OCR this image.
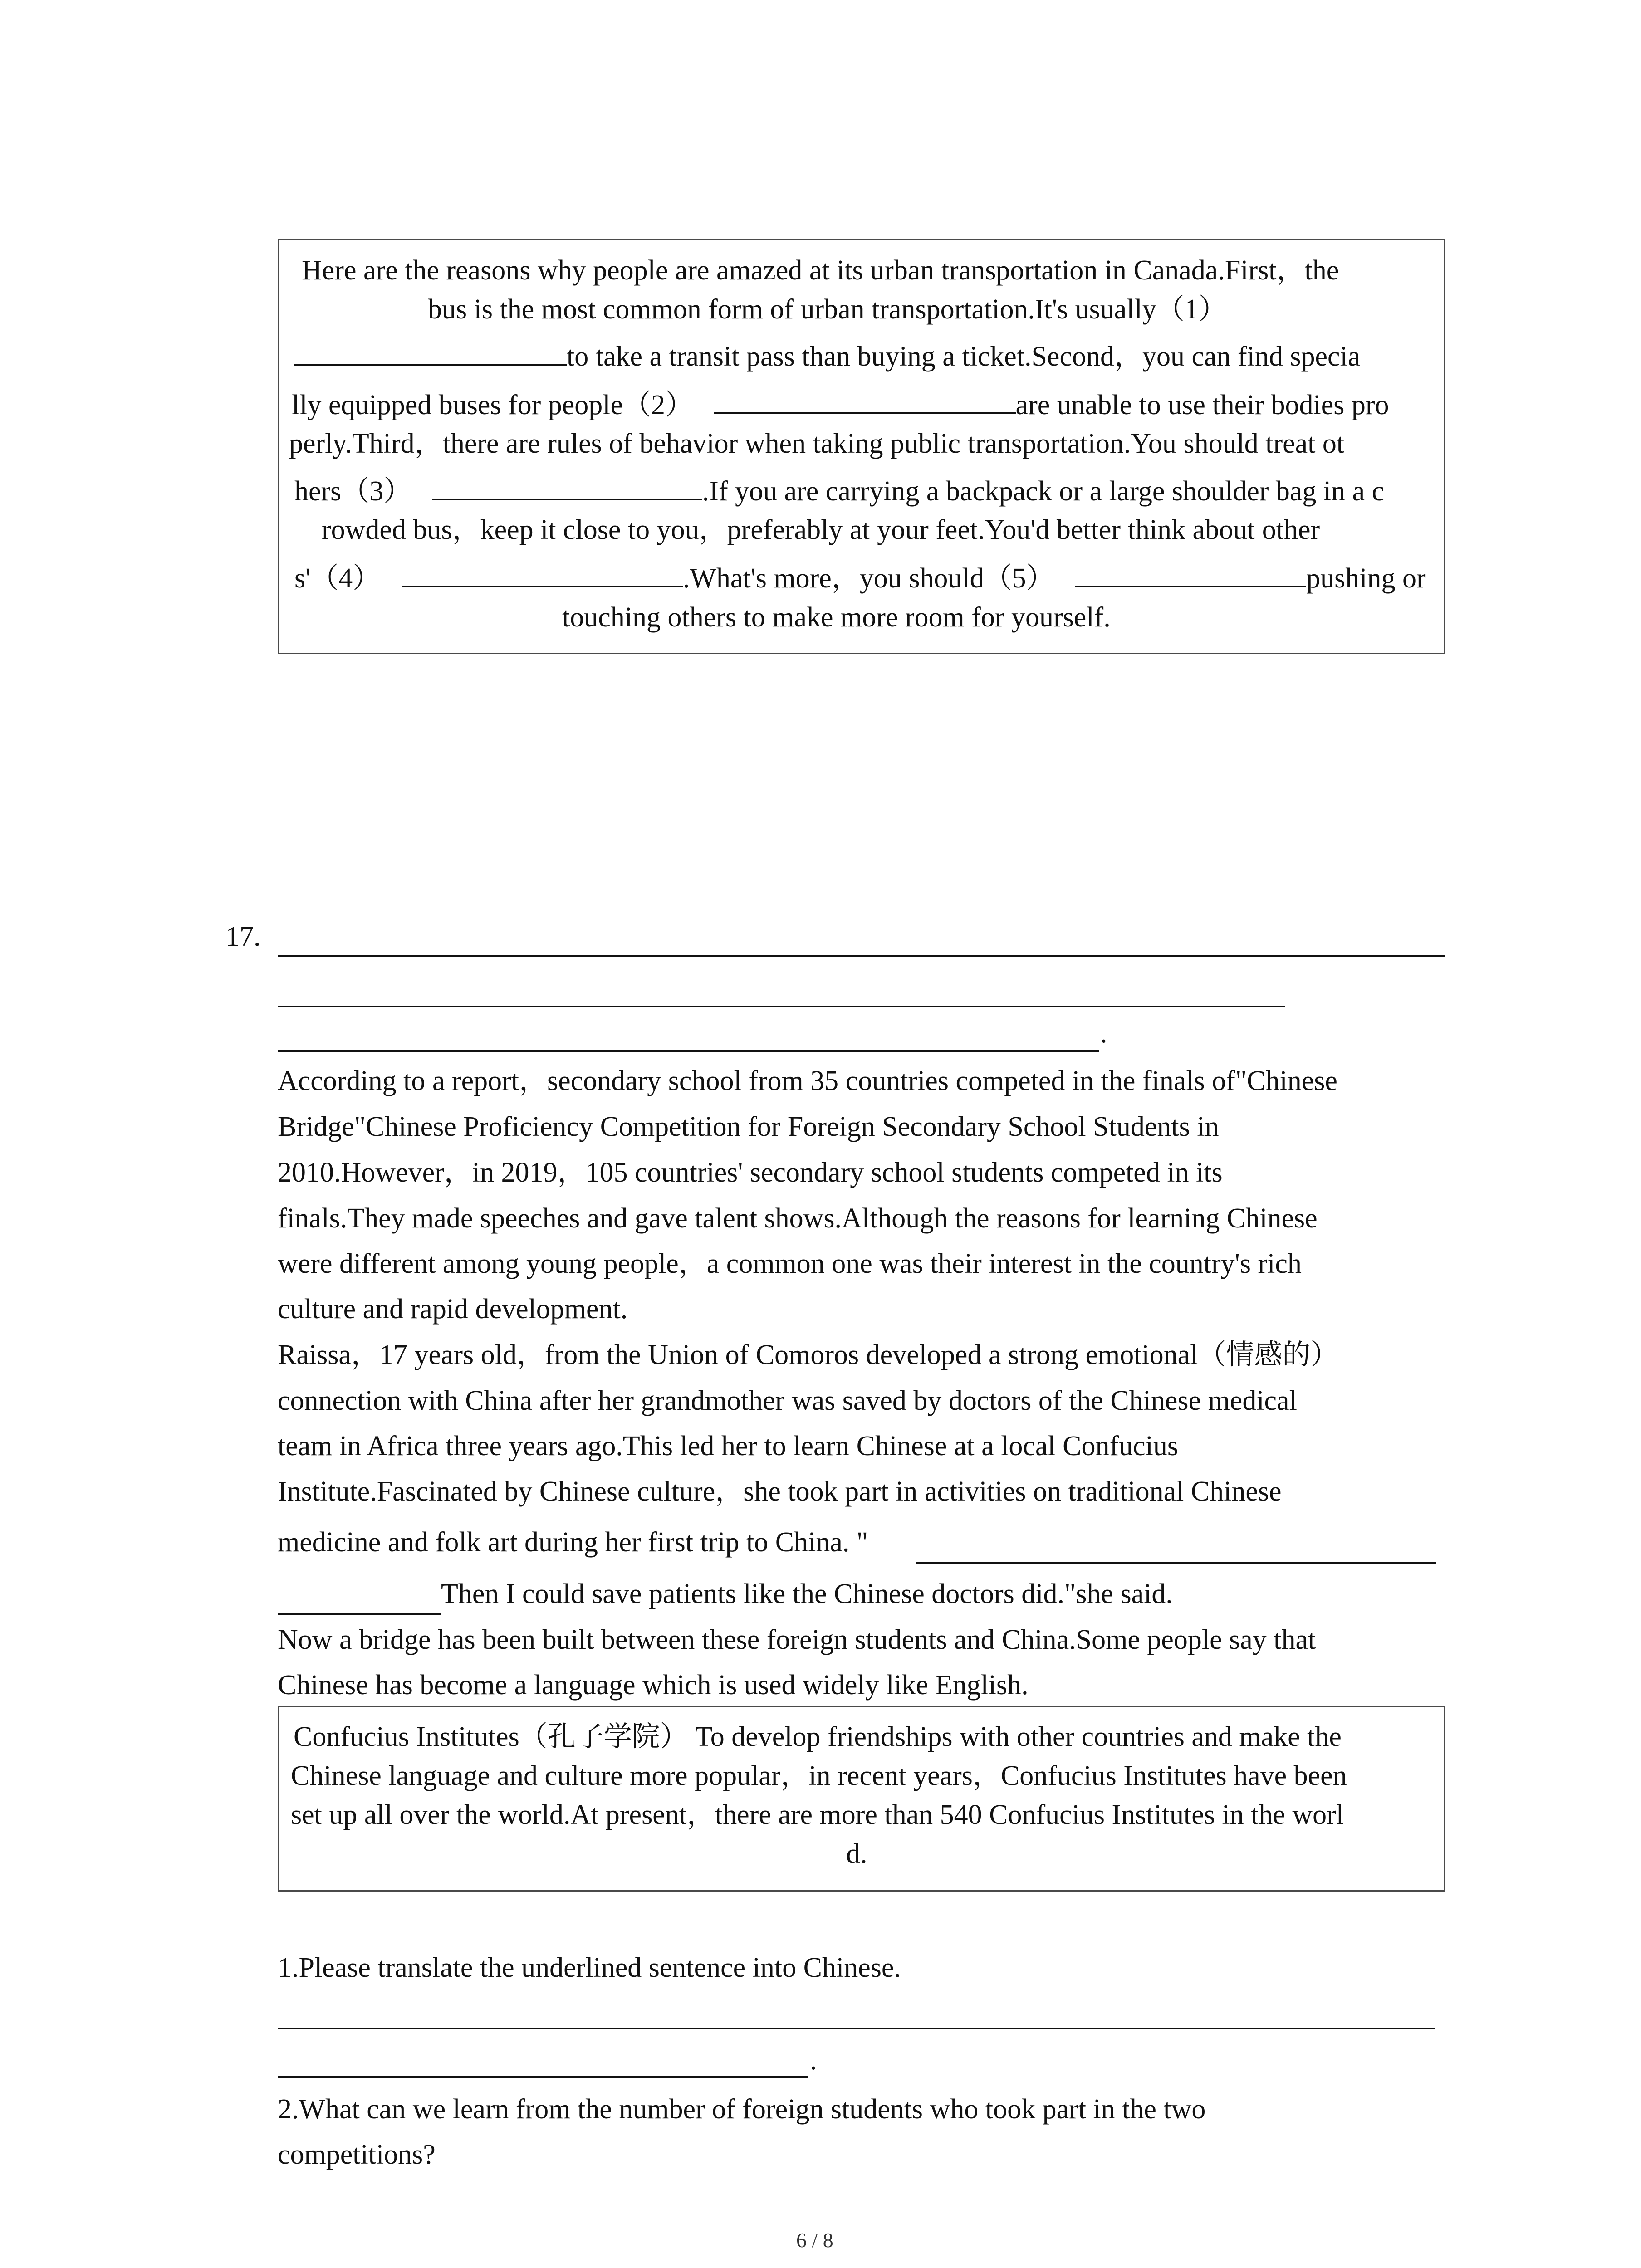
Here are the reasons why people are amazed at its urban transportation in Canada.First，the
bus is the most common form of urban transportation.It's usually（1）
to take a transit pass than buying a ticket.Second，you can find specia
lly equipped buses for people（2）	are unable to use their bodies pro
perly.Third，there are rules of behavior when taking public transportation.You should treat ot
hers（3）	.If you are carrying a backpack or a large shoulder bag in a c
rowded bus，keep it close to you，preferably at your feet.You'd better think about other
s'（4）	.What's more，you should（5）	pushing or
touching others to make more room for yourself.
17.
.
According to a report，secondary school from 35 countries competed in the finals of"Chinese
Bridge"Chinese Proficiency Competition for Foreign Secondary School Students in
2010.However，in 2019，105 countries' secondary school students competed in its
finals.They made speeches and gave talent shows.Although the reasons for learning Chinese
were different among young people，a common one was their interest in the country's rich
culture and rapid development.
Raissa，17 years old，from the Union of Comoros developed a strong emotional（情感的）
connection with China after her grandmother was saved by doctors of the Chinese medical
team in Africa three years ago.This led her to learn Chinese at a local Confucius
Institute.Fascinated by Chinese culture，she took part in activities on traditional Chinese
medicine and folk art during her first trip to China. "
Then I could save patients like the Chinese doctors did."she said.
Now a bridge has been built between these foreign students and China.Some people say that
Chinese has become a language which is used widely like English.
Confucius Institutes（孔子学院） To develop friendships with other countries and make the
Chinese language and culture more popular，in recent years，Confucius Institutes have been
set up all over the world.At present，there are more than 540 Confucius Institutes in the worl
d.
1.Please translate the underlined sentence into Chinese.
.
2.What can we learn from the number of foreign students who took part in the two
competitions?
6 / 8
